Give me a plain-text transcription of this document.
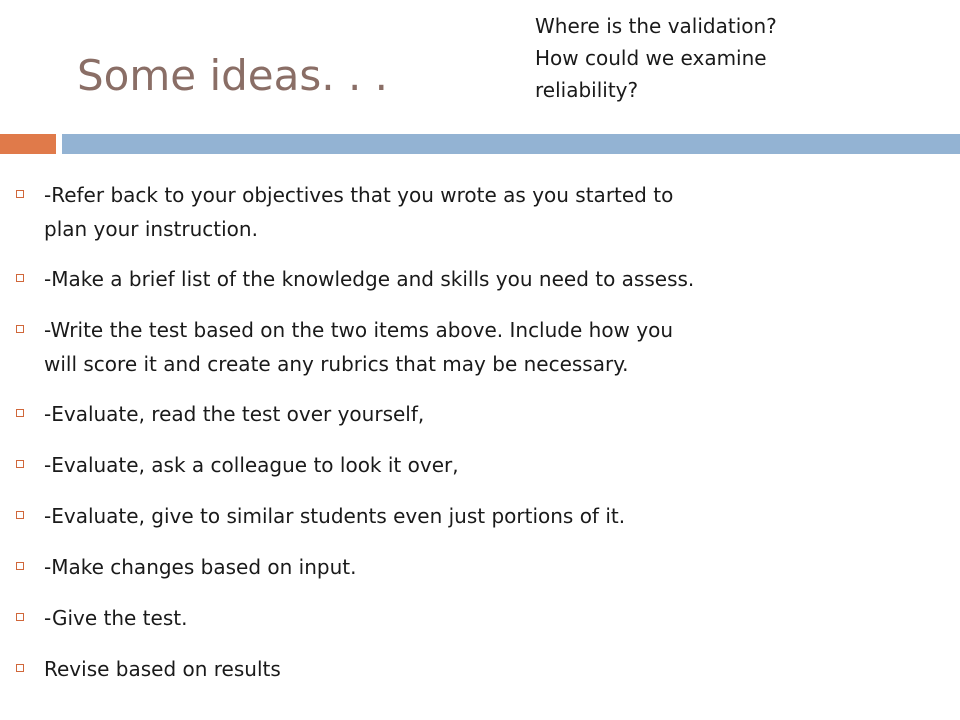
Some ideas. . .
Where is the validation?
How could we examine
reliability?
-Refer back to your objectives that you wrote as you started to
plan your instruction.
-Make a brief list of the knowledge and skills you need to assess.
-Write the test based on the two items above. Include how you
will score it and create any rubrics that may be necessary.
-Evaluate, read the test over yourself,
-Evaluate, ask a colleague to look it over,
-Evaluate, give to similar students even just portions of it.
-Make changes based on input.
-Give the test.
Revise based on results
